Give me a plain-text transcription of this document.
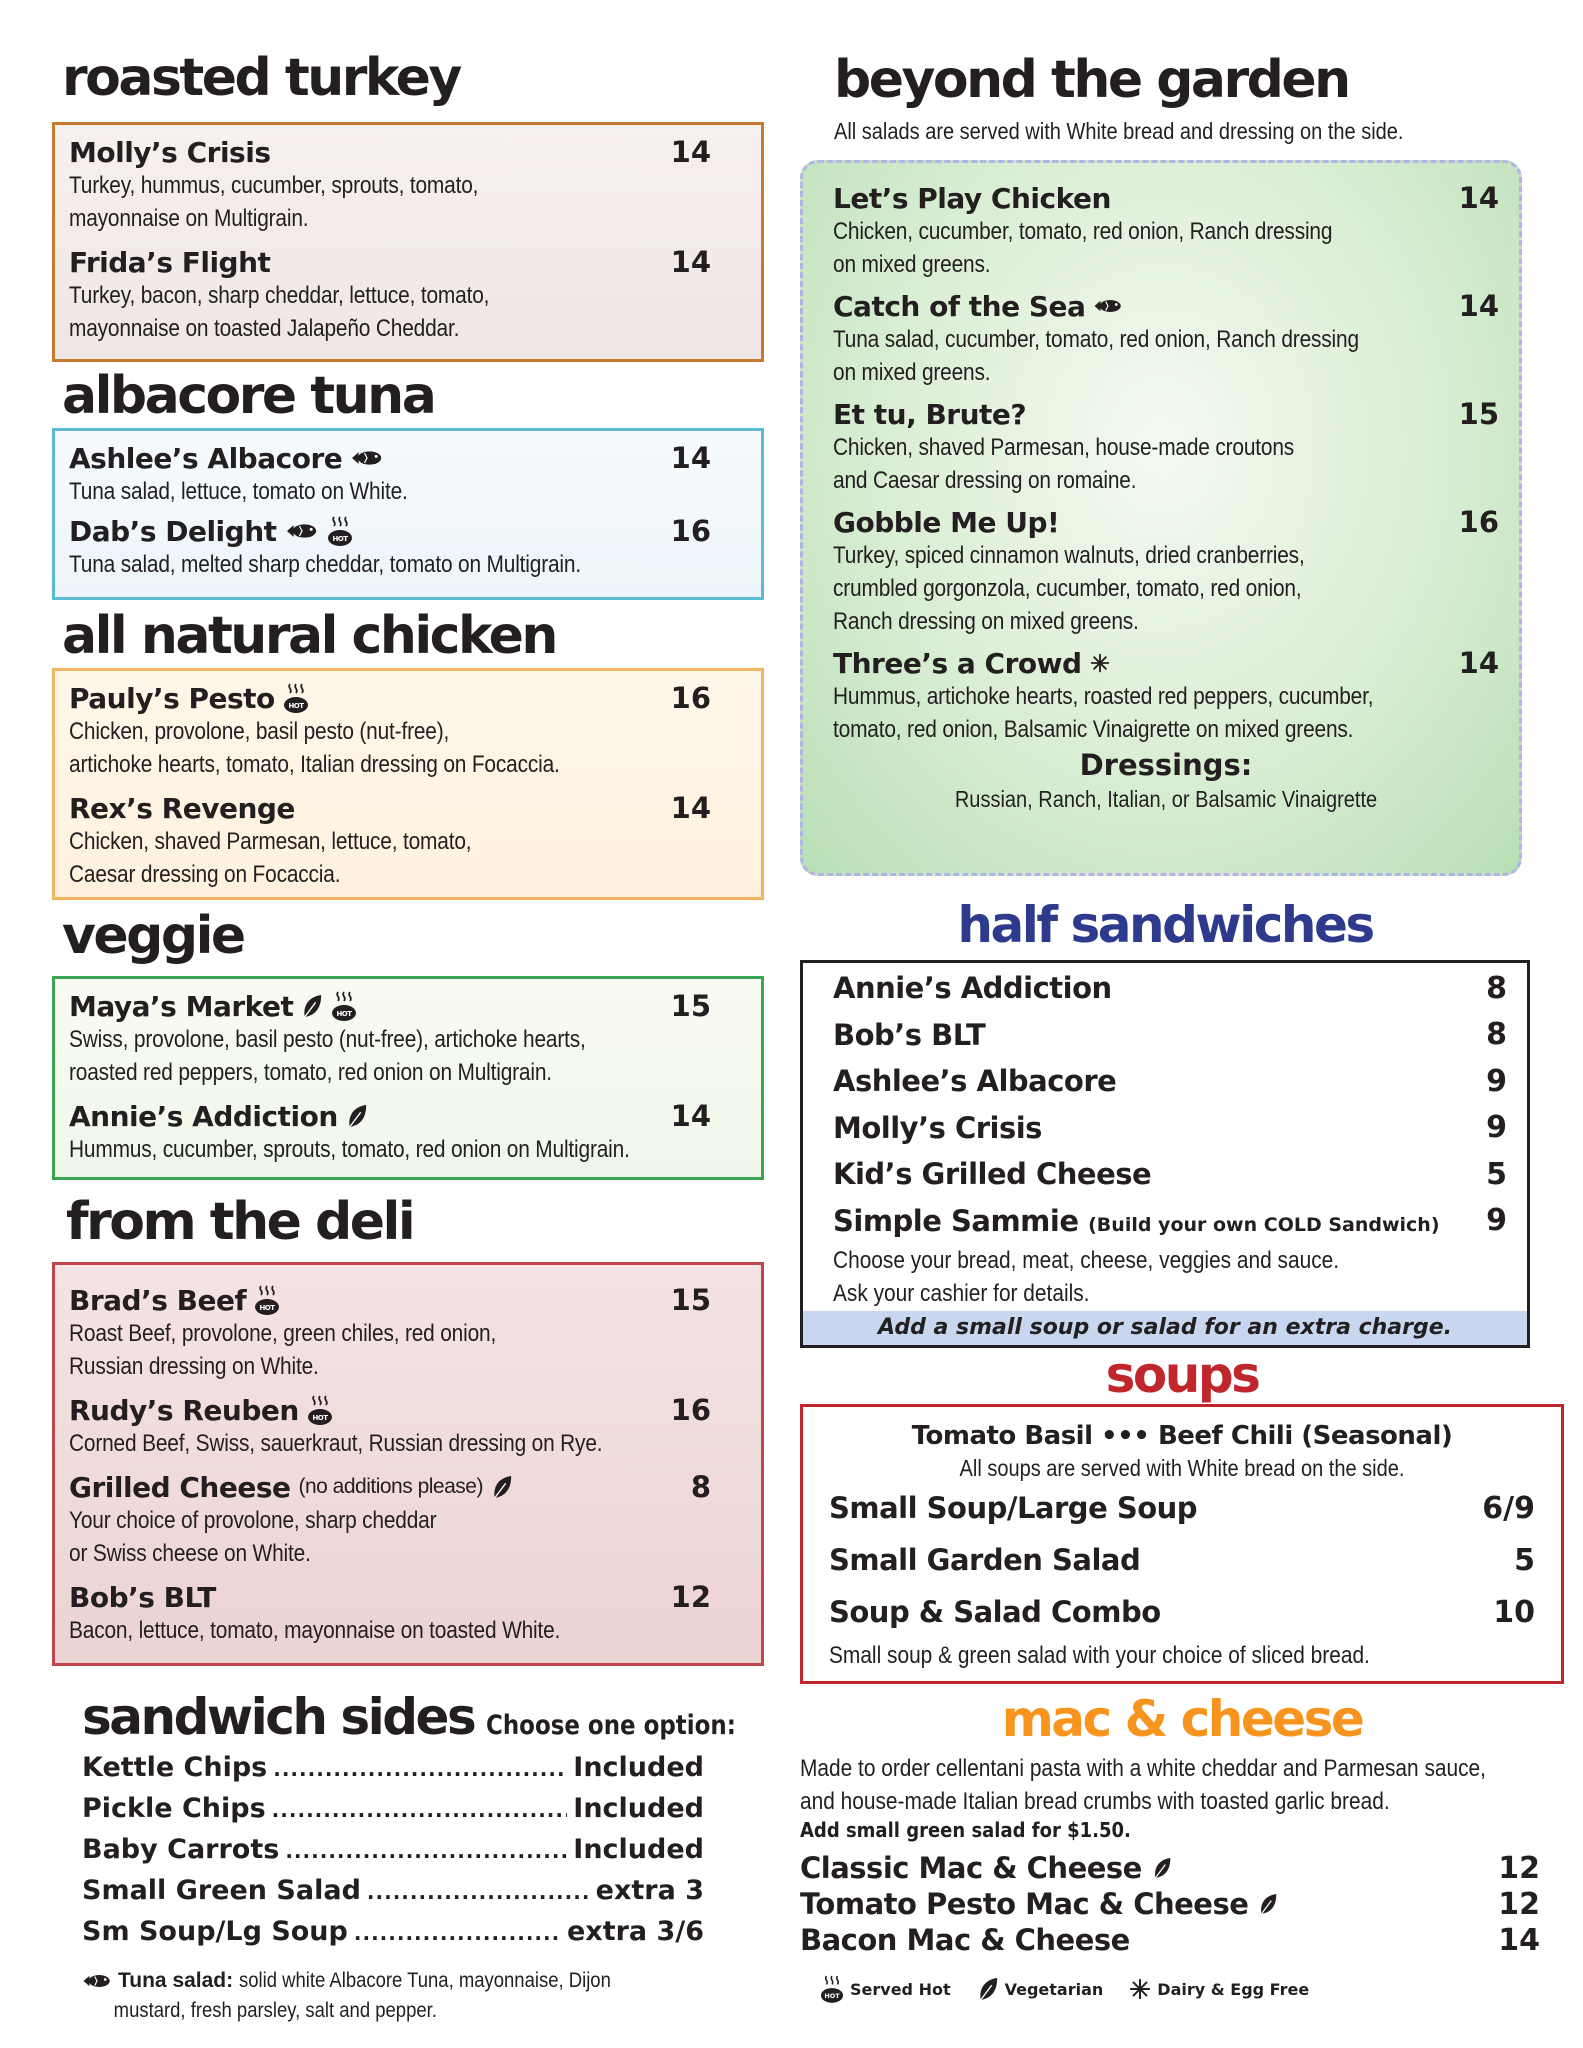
roasted turkey
Molly’s Crisis	14
Turkey, hummus, cucumber, sprouts, tomato,
mayonnaise on Multigrain.
Frida’s Flight	14
Turkey, bacon, sharp cheddar, lettuce, tomato,
mayonnaise on toasted Jalapeño Cheddar.
albacore tuna
Ashlee’s Albacore	14
Tuna salad, lettuce, tomato on White.
Dab’s Delight	16
Tuna salad, melted sharp cheddar, tomato on Multigrain.
all natural chicken
Pauly’s Pesto	16
Chicken, provolone, basil pesto (nut-free),
artichoke hearts, tomato, Italian dressing on Focaccia.
Rex’s Revenge	14
Chicken, shaved Parmesan, lettuce, tomato,
Caesar dressing on Focaccia.
veggie
Maya’s Market	15
Swiss, provolone, basil pesto (nut-free), artichoke hearts,
roasted red peppers, tomato, red onion on Multigrain.
Annie’s Addiction	14
Hummus, cucumber, sprouts, tomato, red onion on Multigrain.
from the deli
Brad’s Beef	15
Roast Beef, provolone, green chiles, red onion,
Russian dressing on White.
Rudy’s Reuben	16
Corned Beef, Swiss, sauerkraut, Russian dressing on Rye.
Grilled Cheese (no additions please)	8
Your choice of provolone, sharp cheddar
or Swiss cheese on White.
Bob’s BLT	12
Bacon, lettuce, tomato, mayonnaise on toasted White.
sandwich sides Choose one option:
Kettle Chips .....	Included
Pickle Chips .....	Included
Baby Carrots .....	Included
Small Green Salad .....	extra 3
Sm Soup/Lg Soup .....	extra 3/6
Tuna salad: solid white Albacore Tuna, mayonnaise, Dijon
mustard, fresh parsley, salt and pepper.
beyond the garden
All salads are served with White bread and dressing on the side.
Let’s Play Chicken	14
Chicken, cucumber, tomato, red onion, Ranch dressing
on mixed greens.
Catch of the Sea	14
Tuna salad, cucumber, tomato, red onion, Ranch dressing
on mixed greens.
Et tu, Brute?	15
Chicken, shaved Parmesan, house-made croutons
and Caesar dressing on romaine.
Gobble Me Up!	16
Turkey, spiced cinnamon walnuts, dried cranberries,
crumbled gorgonzola, cucumber, tomato, red onion,
Ranch dressing on mixed greens.
Three’s a Crowd	14
Hummus, artichoke hearts, roasted red peppers, cucumber,
tomato, red onion, Balsamic Vinaigrette on mixed greens.
Dressings:
Russian, Ranch, Italian, or Balsamic Vinaigrette
half sandwiches
Annie’s Addiction	8
Bob’s BLT	8
Ashlee’s Albacore	9
Molly’s Crisis	9
Kid’s Grilled Cheese	5
Simple Sammie (Build your own COLD Sandwich) 9
Choose your bread, meat, cheese, veggies and sauce.
Ask your cashier for details.
Add a small soup or salad for an extra charge.
soups
Tomato Basil ••• Beef Chili (Seasonal)
All soups are served with White bread on the side.
Small Soup/Large Soup	6/9
Small Garden Salad	5
Soup & Salad Combo	10
Small soup & green salad with your choice of sliced bread.
mac & cheese
Made to order cellentani pasta with a white cheddar and Parmesan sauce,
and house-made Italian bread crumbs with toasted garlic bread.
Add small green salad for $1.50.
Classic Mac & Cheese	12
Tomato Pesto Mac & Cheese	12
Bacon Mac & Cheese	14
Served Hot	Vegetarian	Dairy & Egg Free
